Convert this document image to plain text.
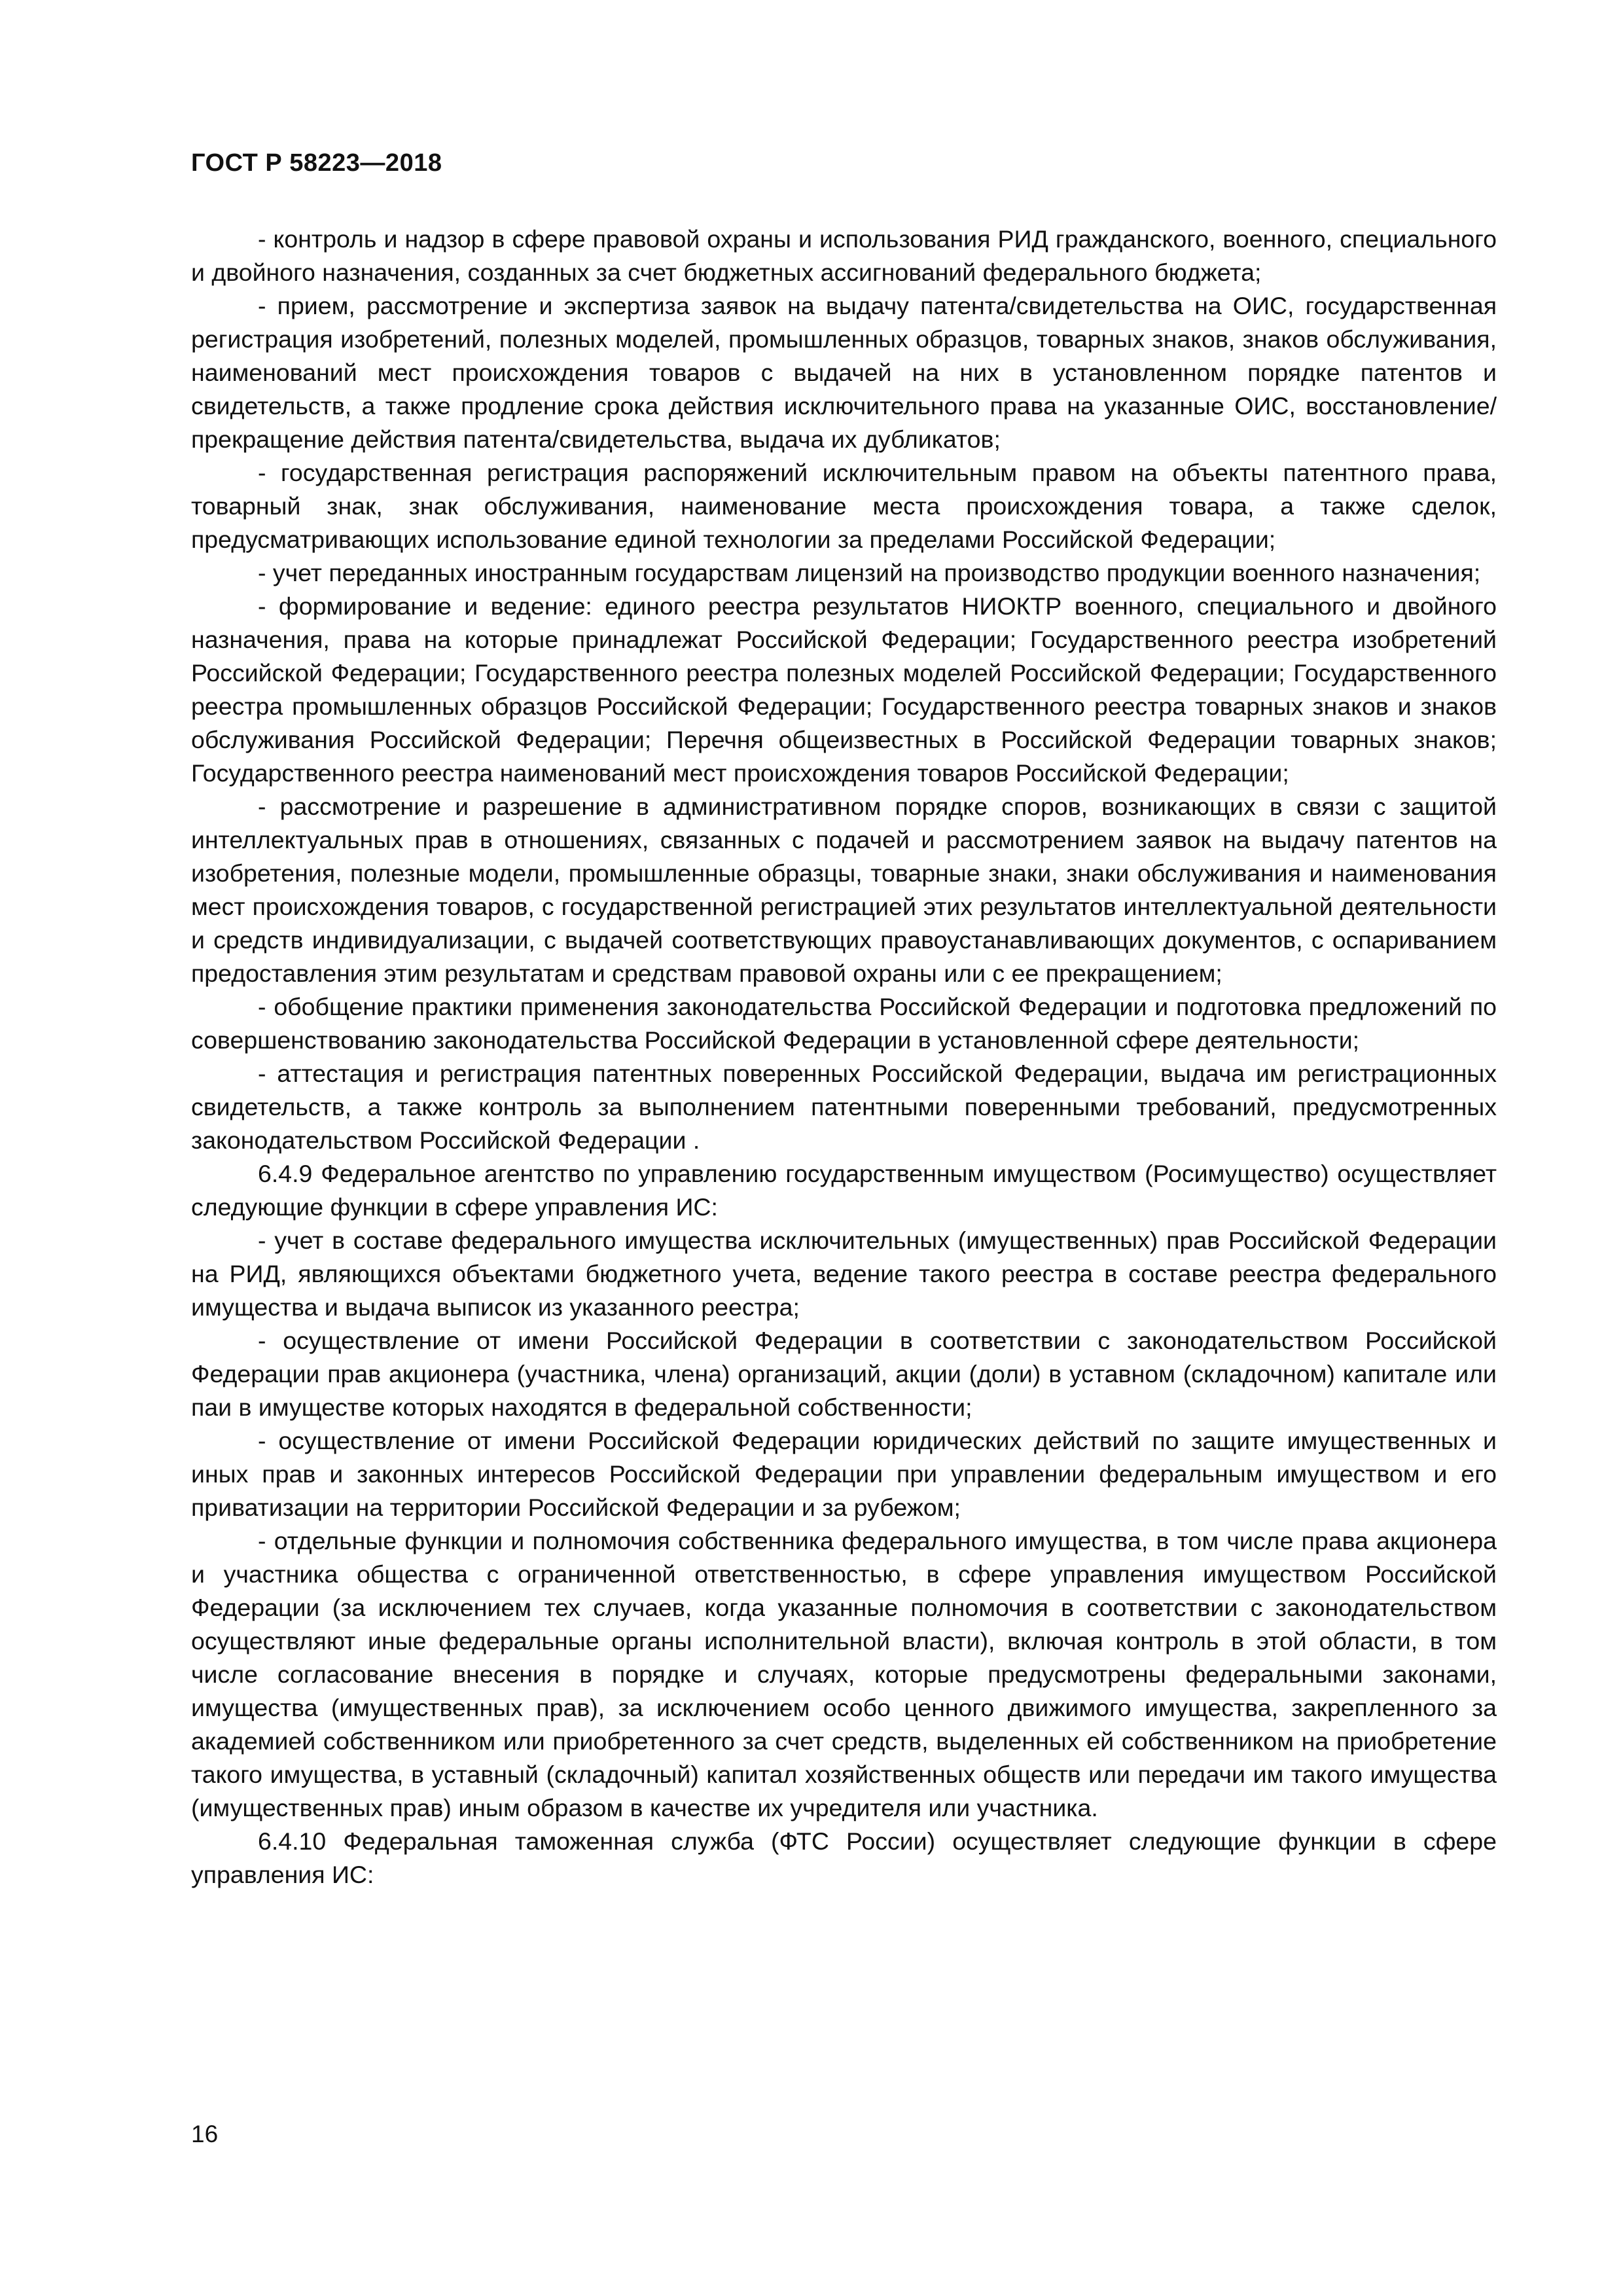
ГОСТ Р 58223—2018

- контроль и надзор в сфере правовой охраны и использования РИД гражданского, военного, специального и двойного назначения, созданных за счет бюджетных ассигнований федерального бюджета;

- прием, рассмотрение и экспертиза заявок на выдачу патента/свидетельства на ОИС, государственная регистрация изобретений, полезных моделей, промышленных образцов, товарных знаков, знаков обслуживания, наименований мест происхождения товаров с выдачей на них в установленном порядке патентов и свидетельств, а также продление срока действия исключительного права на указанные ОИС, восстановление/прекращение действия патента/свидетельства, выдача их дубликатов;

- государственная регистрация распоряжений исключительным правом на объекты патентного права, товарный знак, знак обслуживания, наименование места происхождения товара, а также сделок, предусматривающих использование единой технологии за пределами Российской Федерации;

- учет переданных иностранным государствам лицензий на производство продукции военного назначения;

- формирование и ведение: единого реестра результатов НИОКТР военного, специального и двойного назначения, права на которые принадлежат Российской Федерации; Государственного реестра изобретений Российской Федерации; Государственного реестра полезных моделей Российской Федерации; Государственного реестра промышленных образцов Российской Федерации; Государственного реестра товарных знаков и знаков обслуживания Российской Федерации; Перечня общеизвестных в Российской Федерации товарных знаков; Государственного реестра наименований мест происхождения товаров Российской Федерации;

- рассмотрение и разрешение в административном порядке споров, возникающих в связи с защитой интеллектуальных прав в отношениях, связанных с подачей и рассмотрением заявок на выдачу патентов на изобретения, полезные модели, промышленные образцы, товарные знаки, знаки обслуживания и наименования мест происхождения товаров, с государственной регистрацией этих результатов интеллектуальной деятельности и средств индивидуализации, с выдачей соответствующих правоустанавливающих документов, с оспариванием предоставления этим результатам и средствам правовой охраны или с ее прекращением;

- обобщение практики применения законодательства Российской Федерации и подготовка предложений по совершенствованию законодательства Российской Федерации в установленной сфере деятельности;

- аттестация и регистрация патентных поверенных Российской Федерации, выдача им регистрационных свидетельств, а также контроль за выполнением патентными поверенными требований, предусмотренных законодательством Российской Федерации .

6.4.9 Федеральное агентство по управлению государственным имуществом (Росимущество) осуществляет следующие функции в сфере управления ИС:

- учет в составе федерального имущества исключительных (имущественных) прав Российской Федерации на РИД, являющихся объектами бюджетного учета, ведение такого реестра в составе реестра федерального имущества и выдача выписок из указанного реестра;

- осуществление от имени Российской Федерации в соответствии с законодательством Российской Федерации прав акционера (участника, члена) организаций, акции (доли) в уставном (складочном) капитале или паи в имуществе которых находятся в федеральной собственности;

- осуществление от имени Российской Федерации юридических действий по защите имущественных и иных прав и законных интересов Российской Федерации при управлении федеральным имуществом и его приватизации на территории Российской Федерации и за рубежом;

- отдельные функции и полномочия собственника федерального имущества, в том числе права акционера и участника общества с ограниченной ответственностью, в сфере управления имуществом Российской Федерации (за исключением тех случаев, когда указанные полномочия в соответствии с законодательством осуществляют иные федеральные органы исполнительной власти), включая контроль в этой области, в том числе согласование внесения в порядке и случаях, которые предусмотрены федеральными законами, имущества (имущественных прав), за исключением особо ценного движимого имущества, закрепленного за академией собственником или приобретенного за счет средств, выделенных ей собственником на приобретение такого имущества, в уставный (складочный) капитал хозяйственных обществ или передачи им такого имущества (имущественных прав) иным образом в качестве их учредителя или участника.

6.4.10 Федеральная таможенная служба (ФТС России) осуществляет следующие функции в сфере управления ИС:

16
